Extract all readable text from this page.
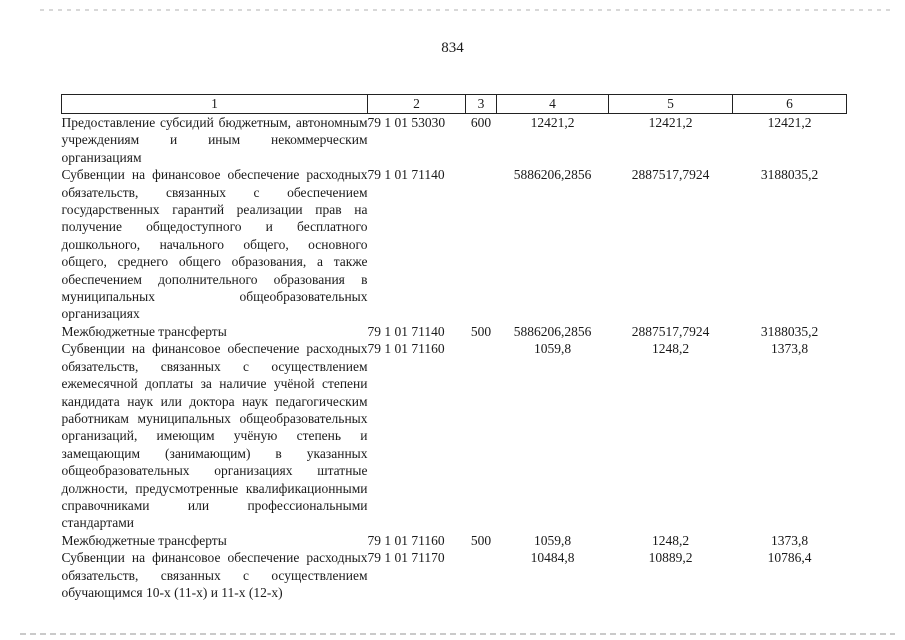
834
1	2	3	4	5	6
Предоставление субсидий бюджетным, автономным учреждениям и иным некоммерческим организациям	79 1 01 53030	600	12421,2	12421,2	12421,2
Субвенции на финансовое обеспечение расходных обязательств, связанных с обеспечением государственных гарантий реализации прав на получение общедоступного и бесплатного дошкольного, начального общего, основного общего, среднего общего образования, а также обеспечением дополнительного образования в муниципальных общеобразовательных организациях	79 1 01 71140		5886206,2856	2887517,7924	3188035,2
Межбюджетные трансферты	79 1 01 71140	500	5886206,2856	2887517,7924	3188035,2
Субвенции на финансовое обеспечение расходных обязательств, связанных с осуществлением ежемесячной доплаты за наличие учёной степени кандидата наук или доктора наук педагогическим работникам муниципальных общеобразовательных организаций, имеющим учёную степень и замещающим (занимающим) в указанных общеобразовательных организациях штатные должности, предусмотренные квалификационными справочниками или профессиональными стандартами	79 1 01 71160		1059,8	1248,2	1373,8
Межбюджетные трансферты	79 1 01 71160	500	1059,8	1248,2	1373,8
Субвенции на финансовое обеспечение расходных обязательств, связанных с осуществлением обучающимся 10-х (11-х) и 11-х (12-х)	79 1 01 71170		10484,8	10889,2	10786,4
